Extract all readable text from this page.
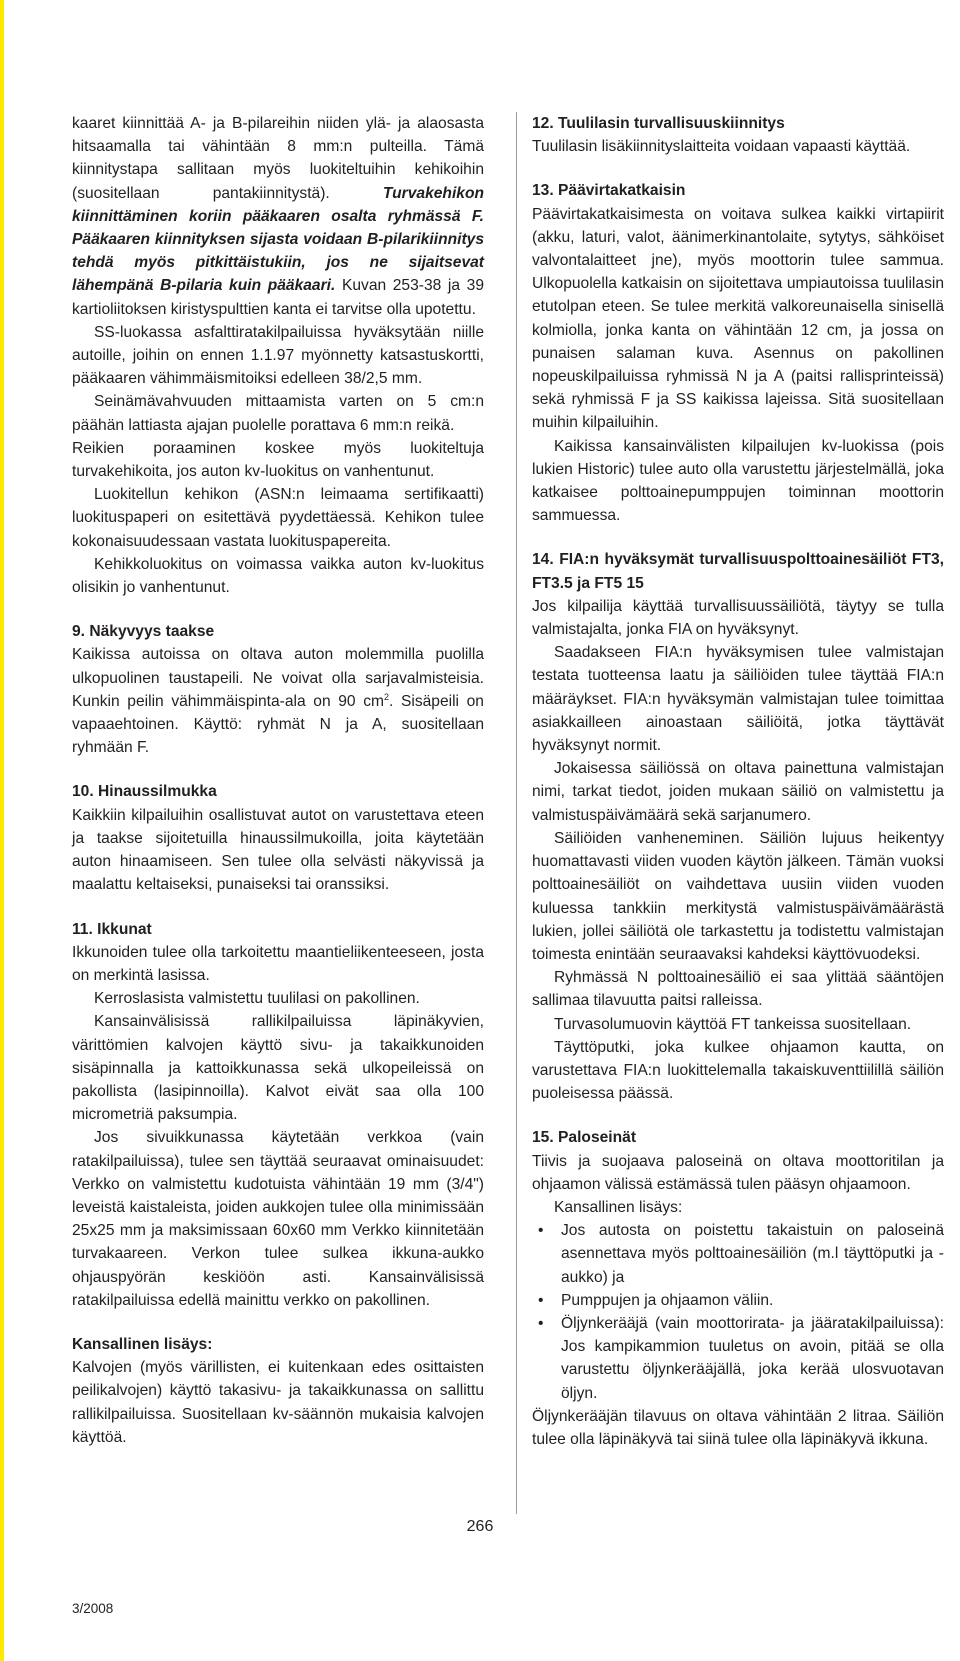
kaaret kiinnittää A- ja B-pilareihin niiden ylä- ja alaosasta hitsaamalla tai vähintään 8 mm:n pulteilla. Tämä kiinnitystapa sallitaan myös luokiteltuihin kehikoihin (suositellaan pantakiinnitystä). Turvakehikon kiinnittäminen koriin pääkaaren osalta ryhmässä F. Pääkaaren kiinnityksen sijasta voidaan B-pilarikiinnitys tehdä myös pitkittäistukiin, jos ne sijaitsevat lähempänä B-pilaria kuin pääkaari. Kuvan 253-38 ja 39 kartioliitoksen kiristyspulttien kanta ei tarvitse olla upotettu.

SS-luokassa asfalttiratakilpailuissa hyväksytään niille autoille, joihin on ennen 1.1.97 myönnetty katsastuskortti, pääkaaren vähimmäismitoiksi edelleen 38/2,5 mm.

Seinämävahvuuden mittaamista varten on 5 cm:n päähän lattiasta ajajan puolelle porattava 6 mm:n reikä.

Reikien poraaminen koskee myös luokiteltuja turvakehikoita, jos auton kv-luokitus on vanhentunut.

Luokitellun kehikon (ASN:n leimaama sertifikaatti) luokituspaperi on esitettävä pyydettäessä. Kehikon tulee kokonaisuudessaan vastata luokituspapereita.

Kehikkoluokitus on voimassa vaikka auton kv-luokitus olisikin jo vanhentunut.

9. Näkyvyys taakse

Kaikissa autoissa on oltava auton molemmilla puolilla ulkopuolinen taustapeili. Ne voivat olla sarjavalmisteisia. Kunkin peilin vähimmäispinta-ala on 90 $cm^2$. Sisäpeili on vapaaehtoinen. Käyttö: ryhmät N ja A, suositellaan ryhmään F.

10. Hinaussilmukka

Kaikkiin kilpailuihin osallistuvat autot on varustettava eteen ja taakse sijoitetuilla hinaussilmukoilla, joita käytetään auton hinaamiseen. Sen tulee olla selvästi näkyvissä ja maalattu keltaiseksi, punaiseksi tai oranssiksi.

11. Ikkunat

Ikkunoiden tulee olla tarkoitettu maantieliikenteeseen, josta on merkintä lasissa.

Kerroslasista valmistettu tuulilasi on pakollinen.

Kansainvälisissä rallikilpailuissa läpinäkyvien, värittömien kalvojen käyttö sivu- ja takaikkunoiden sisäpinnalla ja kattoikkunassa sekä ulkopeileissä on pakollista (lasipinnoilla). Kalvot eivät saa olla 100 micrometriä paksumpia.

Jos sivuikkunassa käytetään verkkoa (vain ratakilpailuissa), tulee sen täyttää seuraavat ominaisuudet: Verkko on valmistettu kudotuista vähintään 19 mm (3/4") leveistä kaistaleista, joiden aukkojen tulee olla minimissään 25x25 mm ja maksimissaan 60x60 mm Verkko kiinnitetään turvakaareen. Verkon tulee sulkea ikkuna-aukko ohjauspyörän keskiöön asti. Kansainvälisissä ratakilpailuissa edellä mainittu verkko on pakollinen.

Kansallinen lisäys:

Kalvojen (myös värillisten, ei kuitenkaan edes osittaisten peilikalvojen) käyttö takasivu- ja takaikkunassa on sallittu rallikilpailuissa. Suositellaan kv-säännön mukaisia kalvojen käyttöä.

12. Tuulilasin turvallisuuskiinnitys

Tuulilasin lisäkiinnityslaitteita voidaan vapaasti käyttää.

13. Päävirtakatkaisin

Päävirtakatkaisimesta on voitava sulkea kaikki virtapiirit (akku, laturi, valot, äänimerkinantolaite, sytytys, sähköiset valvontalaitteet jne), myös moottorin tulee sammua. Ulkopuolella katkaisin on sijoitettava umpiautoissa tuulilasin etutolpan eteen. Se tulee merkitä valkoreunaisella sinisellä kolmiolla, jonka kanta on vähintään 12 cm, ja jossa on punaisen salaman kuva. Asennus on pakollinen nopeuskilpailuissa ryhmissä N ja A (paitsi rallisprinteissä) sekä ryhmissä F ja SS kaikissa lajeissa. Sitä suositellaan muihin kilpailuihin.

Kaikissa kansainvälisten kilpailujen kv-luokissa (pois lukien Historic) tulee auto olla varustettu järjestelmällä, joka katkaisee polttoainepumppujen toiminnan moottorin sammuessa.

14. FIA:n hyväksymät turvallisuuspolttoainesäiliöt FT3, FT3.5 ja FT5 15

Jos kilpailija käyttää turvallisuussäiliötä, täytyy se tulla valmistajalta, jonka FIA on hyväksynyt.

Saadakseen FIA:n hyväksymisen tulee valmistajan testata tuotteensa laatu ja säiliöiden tulee täyttää FIA:n määräykset. FIA:n hyväksymän valmistajan tulee toimittaa asiakkailleen ainoastaan säiliöitä, jotka täyttävät hyväksynyt normit.

Jokaisessa säiliössä on oltava painettuna valmistajan nimi, tarkat tiedot, joiden mukaan säiliö on valmistettu ja valmistuspäivämäärä sekä sarjanumero.

Säiliöiden vanheneminen. Säiliön lujuus heikentyy huomattavasti viiden vuoden käytön jälkeen. Tämän vuoksi polttoainesäiliöt on vaihdettava uusiin viiden vuoden kuluessa tankkiin merkitystä valmistuspäivämäärästä lukien, jollei säiliötä ole tarkastettu ja todistettu valmistajan toimesta enintään seuraavaksi kahdeksi käyttövuodeksi.

Ryhmässä N polttoainesäiliö ei saa ylittää sääntöjen sallimaa tilavuutta paitsi ralleissa.

Turvasolumuovin käyttöä FT tankeissa suositellaan.

Täyttöputki, joka kulkee ohjaamon kautta, on varustettava FIA:n luokittelemalla takaiskuventtiilillä säiliön puoleisessa päässä.

15. Paloseinät

Tiivis ja suojaava paloseinä on oltava moottoritilan ja ohjaamon välissä estämässä tulen pääsyn ohjaamoon.

Kansallinen lisäys:

• Jos autosta on poistettu takaistuin on paloseinä asennettava myös polttoainesäiliön (m.l täyttöputki ja -aukko) ja
• Pumppujen ja ohjaamon väliin.
• Öljynkerääjä (vain moottorirata- ja jääratakilpailuissa): Jos kampikammion tuuletus on avoin, pitää se olla varustettu öljynkerääjällä, joka kerää ulosvuotavan öljyn.

Öljynkerääjän tilavuus on oltava vähintään 2 litraa. Säiliön tulee olla läpinäkyvä tai siinä tulee olla läpinäkyvä ikkuna.

266
3/2008
